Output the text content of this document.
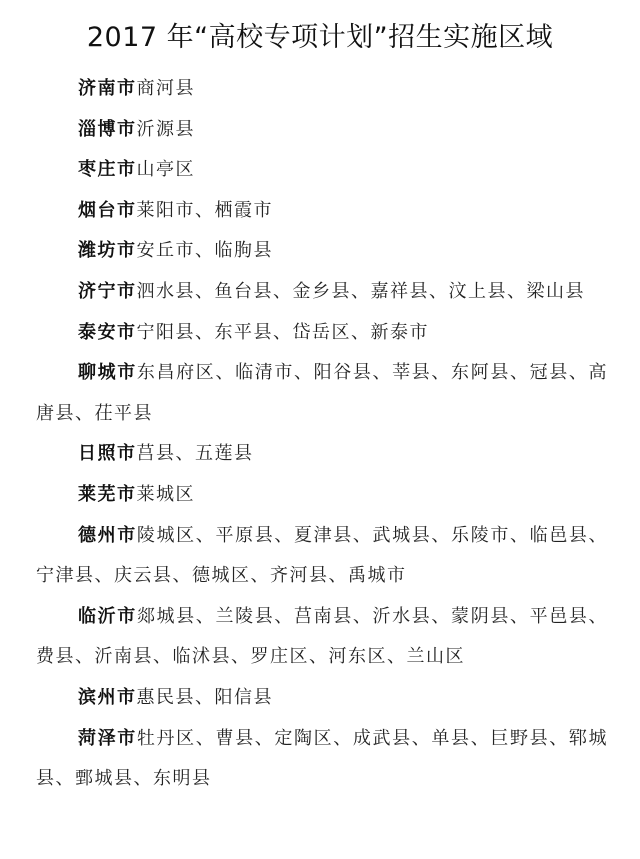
2017 年“高校专项计划”招生实施区域
济南市商河县
淄博市沂源县
枣庄市山亭区
烟台市莱阳市、栖霞市
潍坊市安丘市、临朐县
济宁市泗水县、鱼台县、金乡县、嘉祥县、汶上县、梁山县
泰安市宁阳县、东平县、岱岳区、新泰市
聊城市东昌府区、临清市、阳谷县、莘县、东阿县、冠县、高唐县、茌平县
日照市莒县、五莲县
莱芜市莱城区
德州市陵城区、平原县、夏津县、武城县、乐陵市、临邑县、宁津县、庆云县、德城区、齐河县、禹城市
临沂市郯城县、兰陵县、莒南县、沂水县、蒙阴县、平邑县、费县、沂南县、临沭县、罗庄区、河东区、兰山区
滨州市惠民县、阳信县
菏泽市牡丹区、曹县、定陶区、成武县、单县、巨野县、郓城县、鄄城县、东明县
